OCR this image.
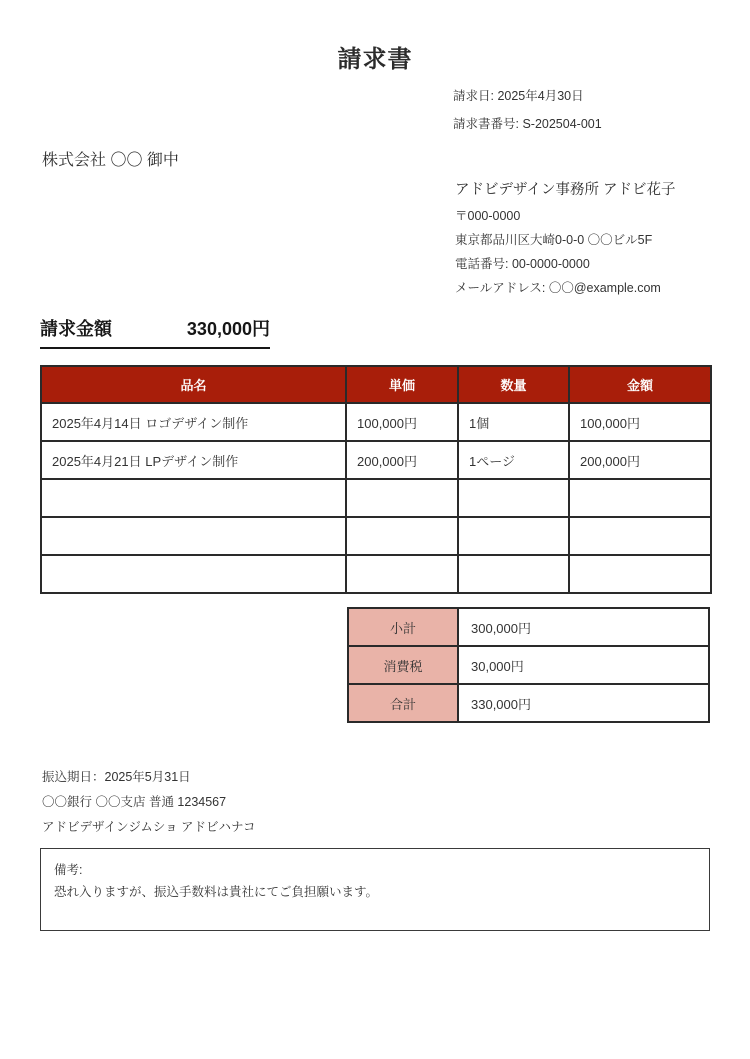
請求書
請求日: 2025年4月30日
請求書番号: S-202504-001
株式会社 〇〇 御中
アドビデザイン事務所 アドビ花子
〒000-0000
東京都品川区大崎0-0-0 〇〇ビル5F
電話番号: 00-0000-0000
メールアドレス: 〇〇@example.com
請求金額	330,000円
品名	単価	数量	金額
2025年4月14日 ロゴデザイン制作	100,000円	1個	100,000円
2025年4月21日 LPデザイン制作	200,000円	1ページ	200,000円

小計	300,000円
消費税	30,000円
合計	330,000円
振込期日：2025年5月31日
〇〇銀行 〇〇支店 普通 1234567
アドビデザインジムショ アドビハナコ
備考:
恐れ入りますが、振込手数料は貴社にてご負担願います。
